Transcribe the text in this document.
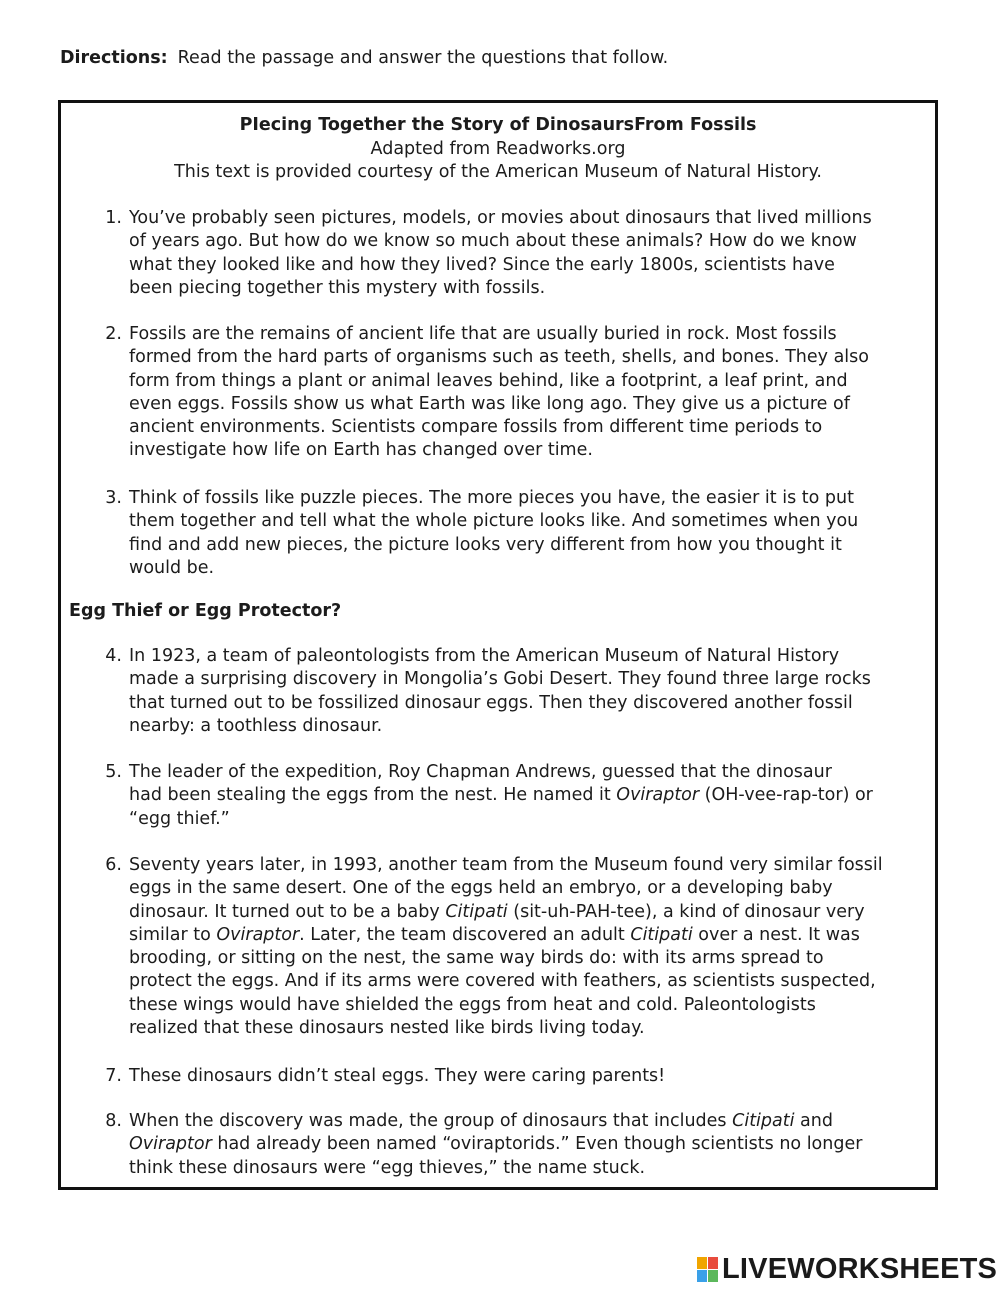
Directions: Read the passage and answer the questions that follow.
PIecing Together the Story of DinosaursFrom Fossils
Adapted from Readworks.org
This text is provided courtesy of the American Museum of Natural History.
1. You’ve probably seen pictures, models, or movies about dinosaurs that lived millions
of years ago. But how do we know so much about these animals? How do we know
what they looked like and how they lived? Since the early 1800s, scientists have
been piecing together this mystery with fossils.
2. Fossils are the remains of ancient life that are usually buried in rock. Most fossils
formed from the hard parts of organisms such as teeth, shells, and bones. They also
form from things a plant or animal leaves behind, like a footprint, a leaf print, and
even eggs. Fossils show us what Earth was like long ago. They give us a picture of
ancient environments. Scientists compare fossils from different time periods to
investigate how life on Earth has changed over time.
3. Think of fossils like puzzle pieces. The more pieces you have, the easier it is to put
them together and tell what the whole picture looks like. And sometimes when you
find and add new pieces, the picture looks very different from how you thought it
would be.
4. In 1923, a team of paleontologists from the American Museum of Natural History
made a surprising discovery in Mongolia’s Gobi Desert. They found three large rocks
that turned out to be fossilized dinosaur eggs. Then they discovered another fossil
nearby: a toothless dinosaur.
5. The leader of the expedition, Roy Chapman Andrews, guessed that the dinosaur
had been stealing the eggs from the nest. He named it Oviraptor (OH-vee-rap-tor) or
“egg thief.”
6. Seventy years later, in 1993, another team from the Museum found very similar fossil
eggs in the same desert. One of the eggs held an embryo, or a developing baby
dinosaur. It turned out to be a baby Citipati (sit-uh-PAH-tee), a kind of dinosaur very
similar to Oviraptor. Later, the team discovered an adult Citipati over a nest. It was
brooding, or sitting on the nest, the same way birds do: with its arms spread to
protect the eggs. And if its arms were covered with feathers, as scientists suspected,
these wings would have shielded the eggs from heat and cold. Paleontologists
realized that these dinosaurs nested like birds living today.
7. These dinosaurs didn’t steal eggs. They were caring parents!
8. When the discovery was made, the group of dinosaurs that includes Citipati and
Oviraptor had already been named “oviraptorids.” Even though scientists no longer
think these dinosaurs were “egg thieves,” the name stuck.
Egg Thief or Egg Protector?
LIVEWORKSHEETS
